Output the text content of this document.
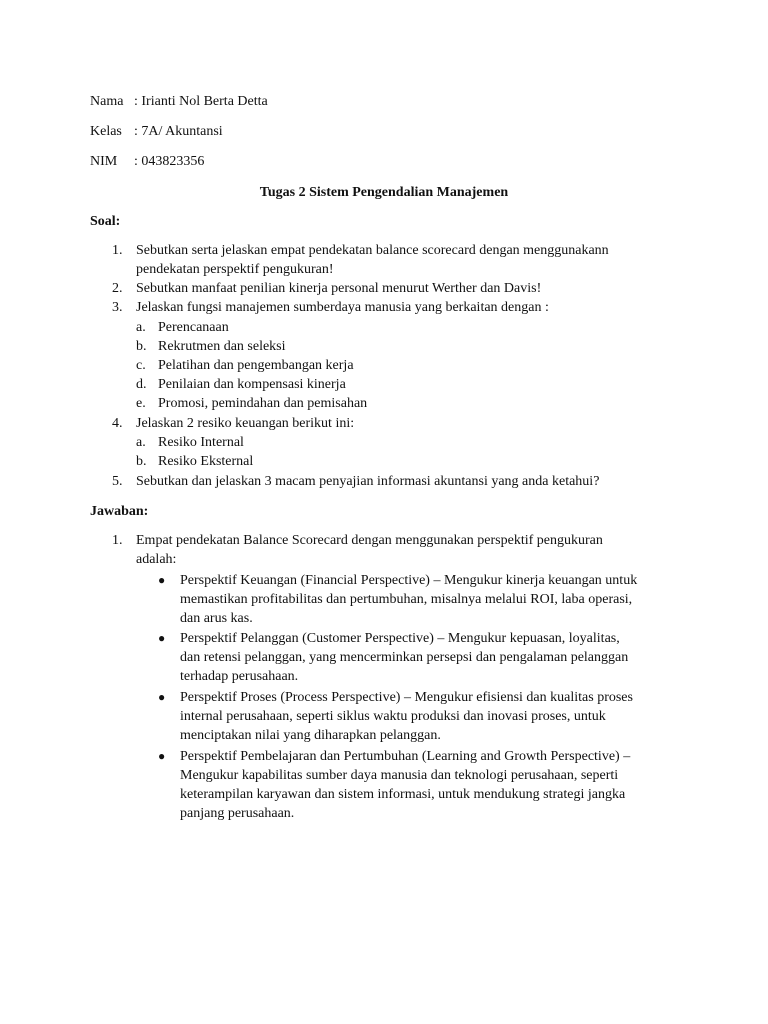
Nama : Irianti Nol Berta Detta
Kelas : 7A/ Akuntansi
NIM : 043823356
Tugas 2 Sistem Pengendalian Manajemen
Soal:
1. Sebutkan serta jelaskan empat pendekatan balance scorecard dengan menggunakann
pendekatan perspektif pengukuran!
2. Sebutkan manfaat penilian kinerja personal menurut Werther dan Davis!
3. Jelaskan fungsi manajemen sumberdaya manusia yang berkaitan dengan :
a. Perencanaan
b. Rekrutmen dan seleksi
c. Pelatihan dan pengembangan kerja
d. Penilaian dan kompensasi kinerja
e. Promosi, pemindahan dan pemisahan
4. Jelaskan 2 resiko keuangan berikut ini:
a. Resiko Internal
b. Resiko Eksternal
5. Sebutkan dan jelaskan 3 macam penyajian informasi akuntansi yang anda ketahui?
Jawaban:
1. Empat pendekatan Balance Scorecard dengan menggunakan perspektif pengukuran
adalah:
● Perspektif Keuangan (Financial Perspective) – Mengukur kinerja keuangan untuk
memastikan profitabilitas dan pertumbuhan, misalnya melalui ROI, laba operasi,
dan arus kas.
● Perspektif Pelanggan (Customer Perspective) – Mengukur kepuasan, loyalitas,
dan retensi pelanggan, yang mencerminkan persepsi dan pengalaman pelanggan
terhadap perusahaan.
● Perspektif Proses (Process Perspective) – Mengukur efisiensi dan kualitas proses
internal perusahaan, seperti siklus waktu produksi dan inovasi proses, untuk
menciptakan nilai yang diharapkan pelanggan.
● Perspektif Pembelajaran dan Pertumbuhan (Learning and Growth Perspective) –
Mengukur kapabilitas sumber daya manusia dan teknologi perusahaan, seperti
keterampilan karyawan dan sistem informasi, untuk mendukung strategi jangka
panjang perusahaan.
